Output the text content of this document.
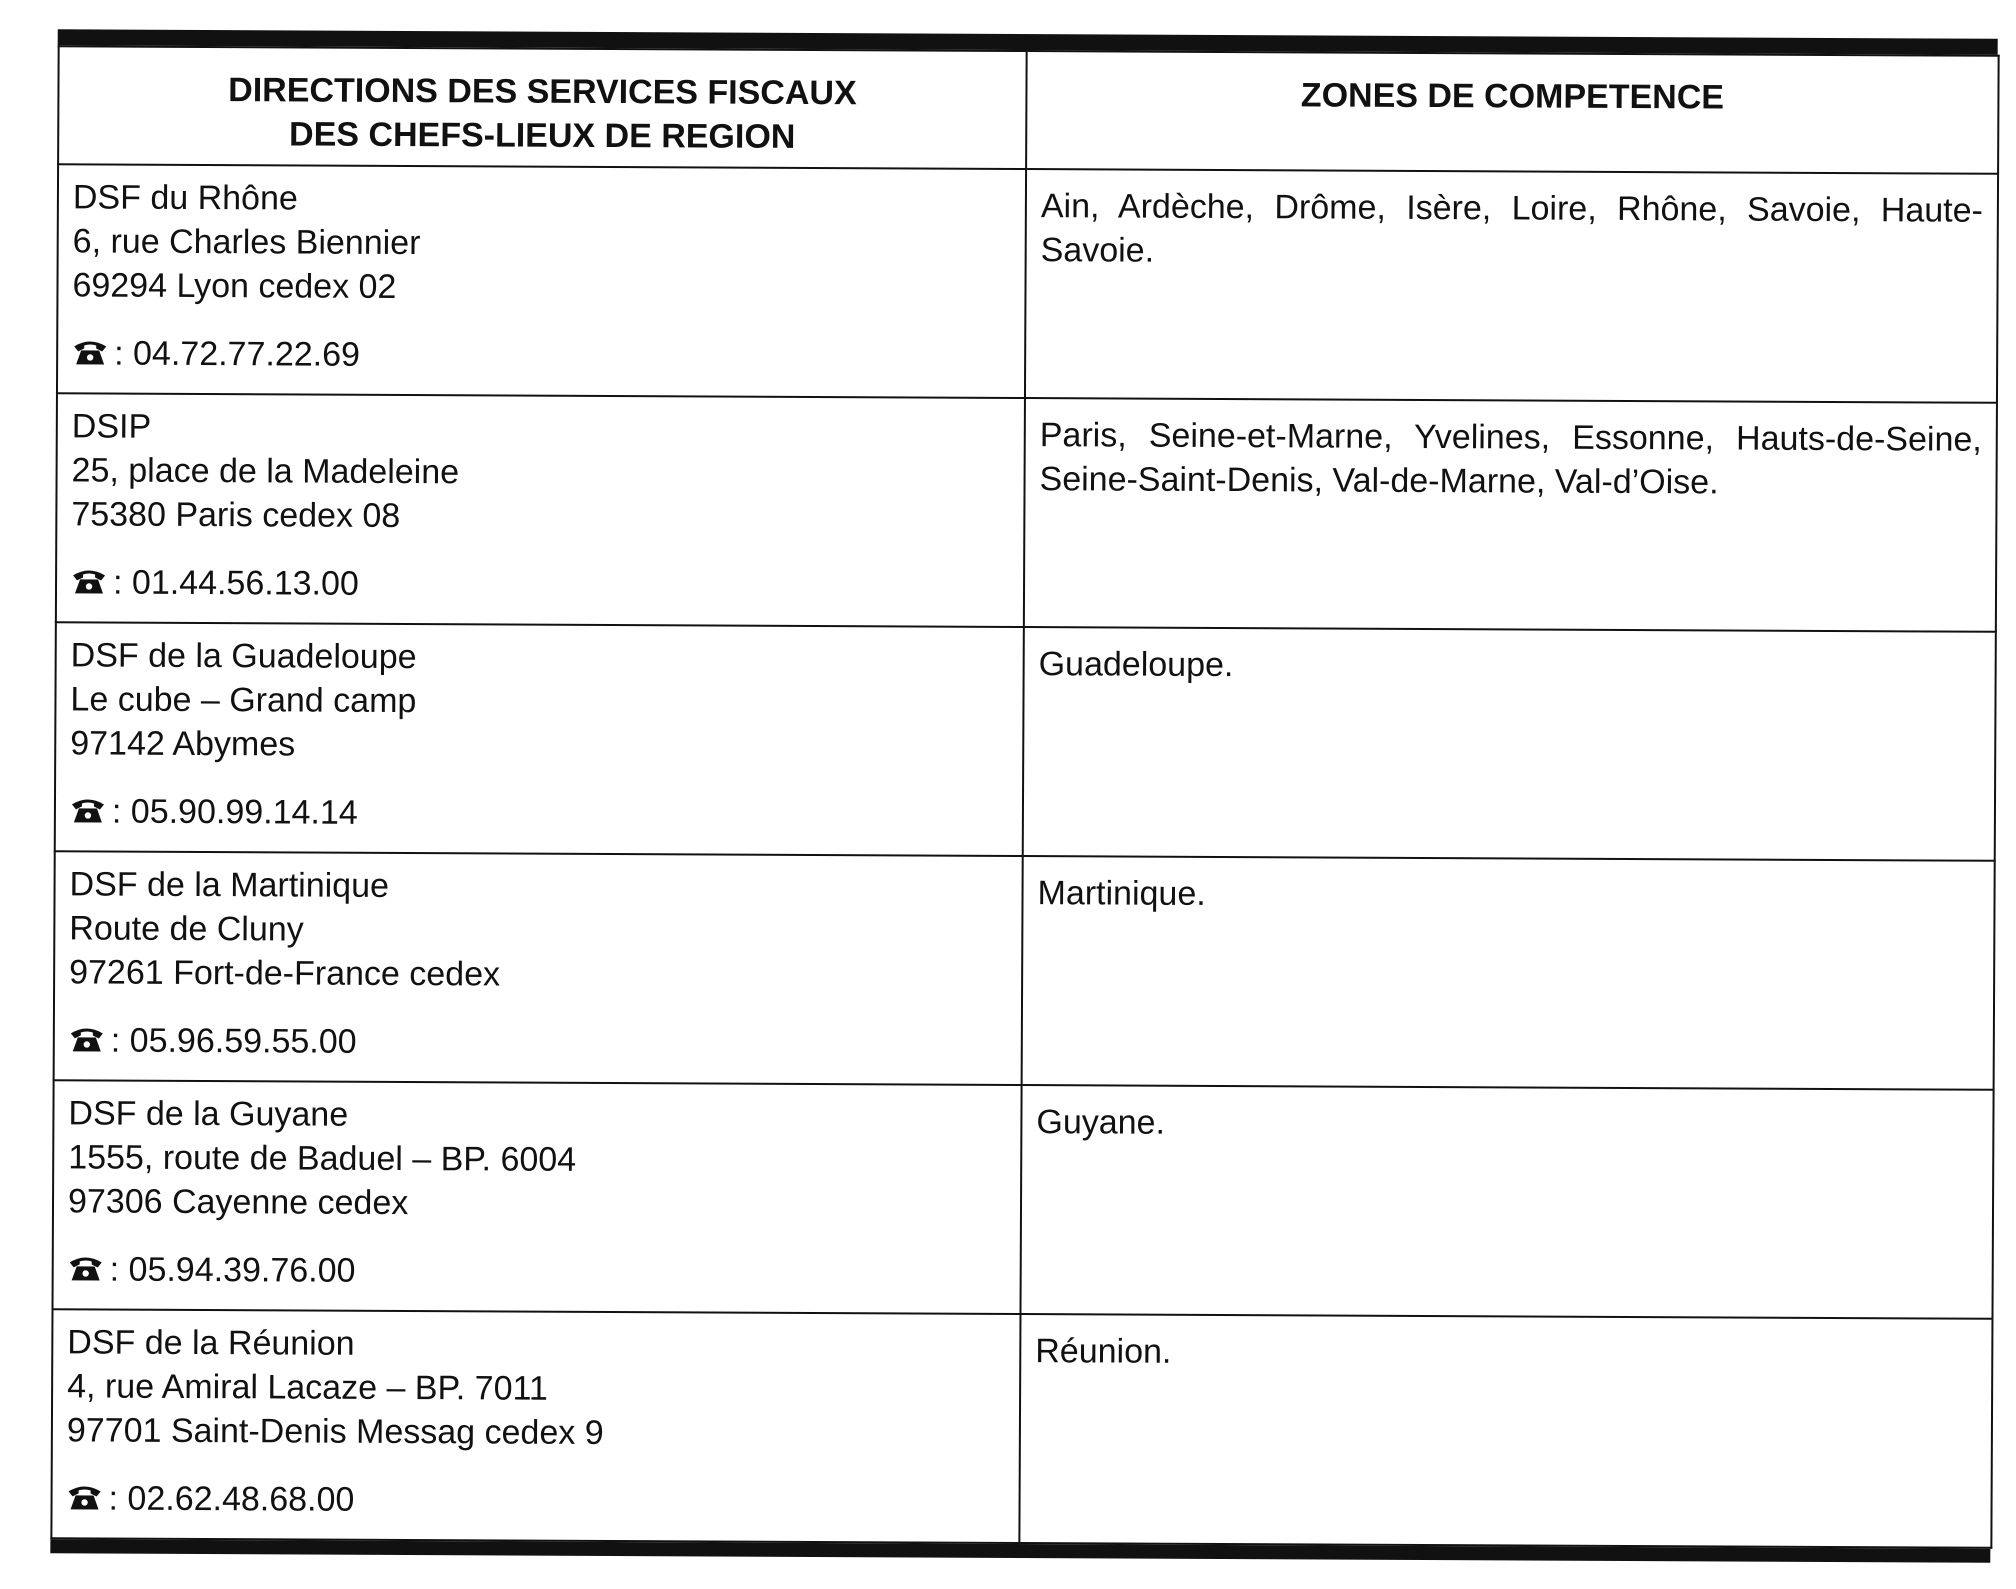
DIRECTIONS DES SERVICES FISCAUX
DES CHEFS-LIEUX DE REGION	ZONES DE COMPETENCE

DSF du Rhône
6, rue Charles Biennier
69294 Lyon cedex 02
: 04.72.77.22.69	Ain, Ardèche, Drôme, Isère, Loire, Rhône, Savoie, Haute-Savoie.

DSIP
25, place de la Madeleine
75380 Paris cedex 08
: 01.44.56.13.00	Paris, Seine-et-Marne, Yvelines, Essonne, Hauts-de-Seine, Seine-Saint-Denis, Val-de-Marne, Val-d’Oise.

DSF de la Guadeloupe
Le cube – Grand camp
97142 Abymes
: 05.90.99.14.14	Guadeloupe.

DSF de la Martinique
Route de Cluny
97261 Fort-de-France cedex
: 05.96.59.55.00	Martinique.

DSF de la Guyane
1555, route de Baduel – BP. 6004
97306 Cayenne cedex
: 05.94.39.76.00	Guyane.

DSF de la Réunion
4, rue Amiral Lacaze – BP. 7011
97701 Saint-Denis Messag cedex 9
: 02.62.48.68.00	Réunion.
